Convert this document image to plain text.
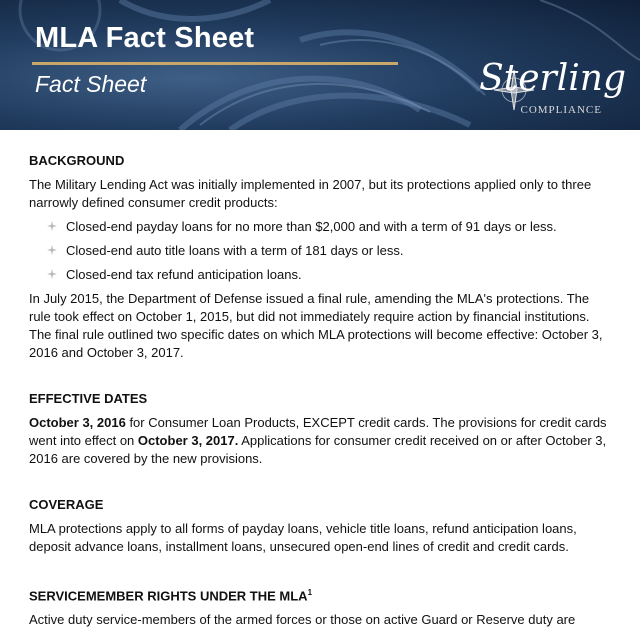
MLA Fact Sheet
Fact Sheet	Sterling
COMPLIANCE
BACKGROUND

The Military Lending Act was initially implemented in 2007, but its protections applied only to three narrowly defined consumer credit products:

Closed-end payday loans for no more than $2,000 and with a term of 91 days or less.
Closed-end auto title loans with a term of 181 days or less.
Closed-end tax refund anticipation loans.

In July 2015, the Department of Defense issued a final rule, amending the MLA's protections. The rule took effect on October 1, 2015, but did not immediately require action by financial institutions. The final rule outlined two specific dates on which MLA protections will become effective: October 3, 2016 and October 3, 2017.

EFFECTIVE DATES

October 3, 2016 for Consumer Loan Products, EXCEPT credit cards. The provisions for credit cards went into effect on October 3, 2017. Applications for consumer credit received on or after October 3, 2016 are covered by the new provisions.

COVERAGE

MLA protections apply to all forms of payday loans, vehicle title loans, refund anticipation loans, deposit advance loans, installment loans, unsecured open-end lines of credit and credit cards.

SERVICEMEMBER RIGHTS UNDER THE MLA$^1$

Active duty service-members of the armed forces or those on active Guard or Reserve duty are
